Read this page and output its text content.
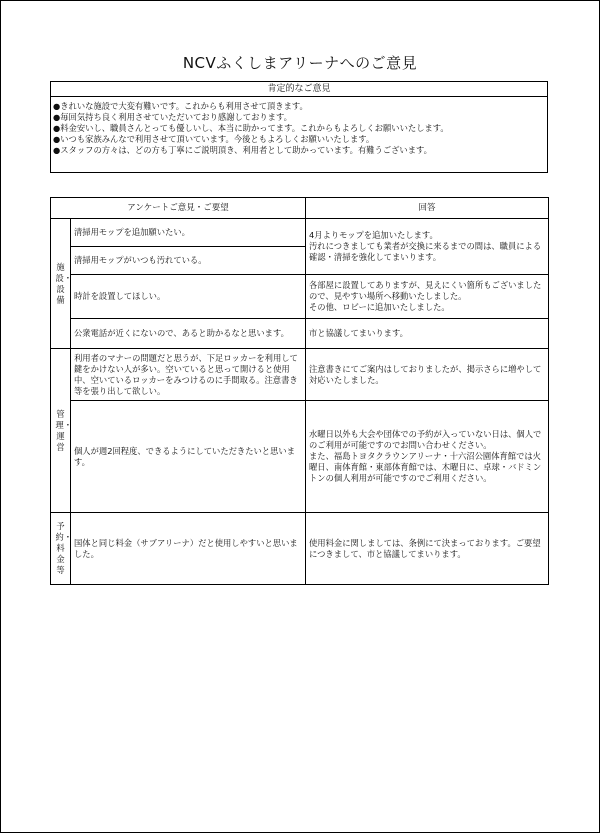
NCVふくしまアリーナへのご意見
肯定的なご意見
● きれいな施設で大変有難いです。これからも利用させて頂きます。
● 毎回気持ち良く利用させていただいており感謝しております。
● 料金安いし、職員さんとっても優しいし、本当に助かってます。これからもよろしくお願いいたします。
● いつも家族みんなで利用させて頂いています。今後ともよろしくお願いいたします。
● スタッフの方々は、どの方も丁寧にご説明頂き、利用者として助かっています。有難うございます。
アンケートご意見・ご要望		回答
施設・設備	清掃用モップを追加願いたい。	4月よりモップを追加いたします。
汚れにつきましても業者が交換に来るまでの間は、職員による確認・清掃を強化してまいります。
	清掃用モップがいつも汚れている。	
	時計を設置してほしい。	各部屋に設置してありますが、見えにくい箇所もございましたので、見やすい場所へ移動いたしました。
その他、ロビーに追加いたしました。
	公衆電話が近くにないので、あると助かるなと思います。	市と協議してまいります。
管理・運営	利用者のマナーの問題だと思うが、下足ロッカーを利用して鍵をかけない人が多い。空いていると思って開けると使用中、空いているロッカーをみつけるのに手間取る。注意書き等を張り出して欲しい。	注意書きにてご案内はしておりましたが、掲示さらに増やして対応いたしました。
	個人が週2回程度、できるようにしていただきたいと思います。	水曜日以外も大会や団体での予約が入っていない日は、個人でのご利用が可能ですのでお問い合わせください。
また、福島トヨタクラウンアリーナ・十六沼公園体育館では火曜日、南体育館・東部体育館では、木曜日に、卓球・バドミントンの個人利用が可能ですのでご利用ください。
予約・料金等	国体と同じ料金（サブアリーナ）だと使用しやすいと思いました。	使用料金に関しましては、条例にて決まっております。ご要望につきまして、市と協議してまいります。
